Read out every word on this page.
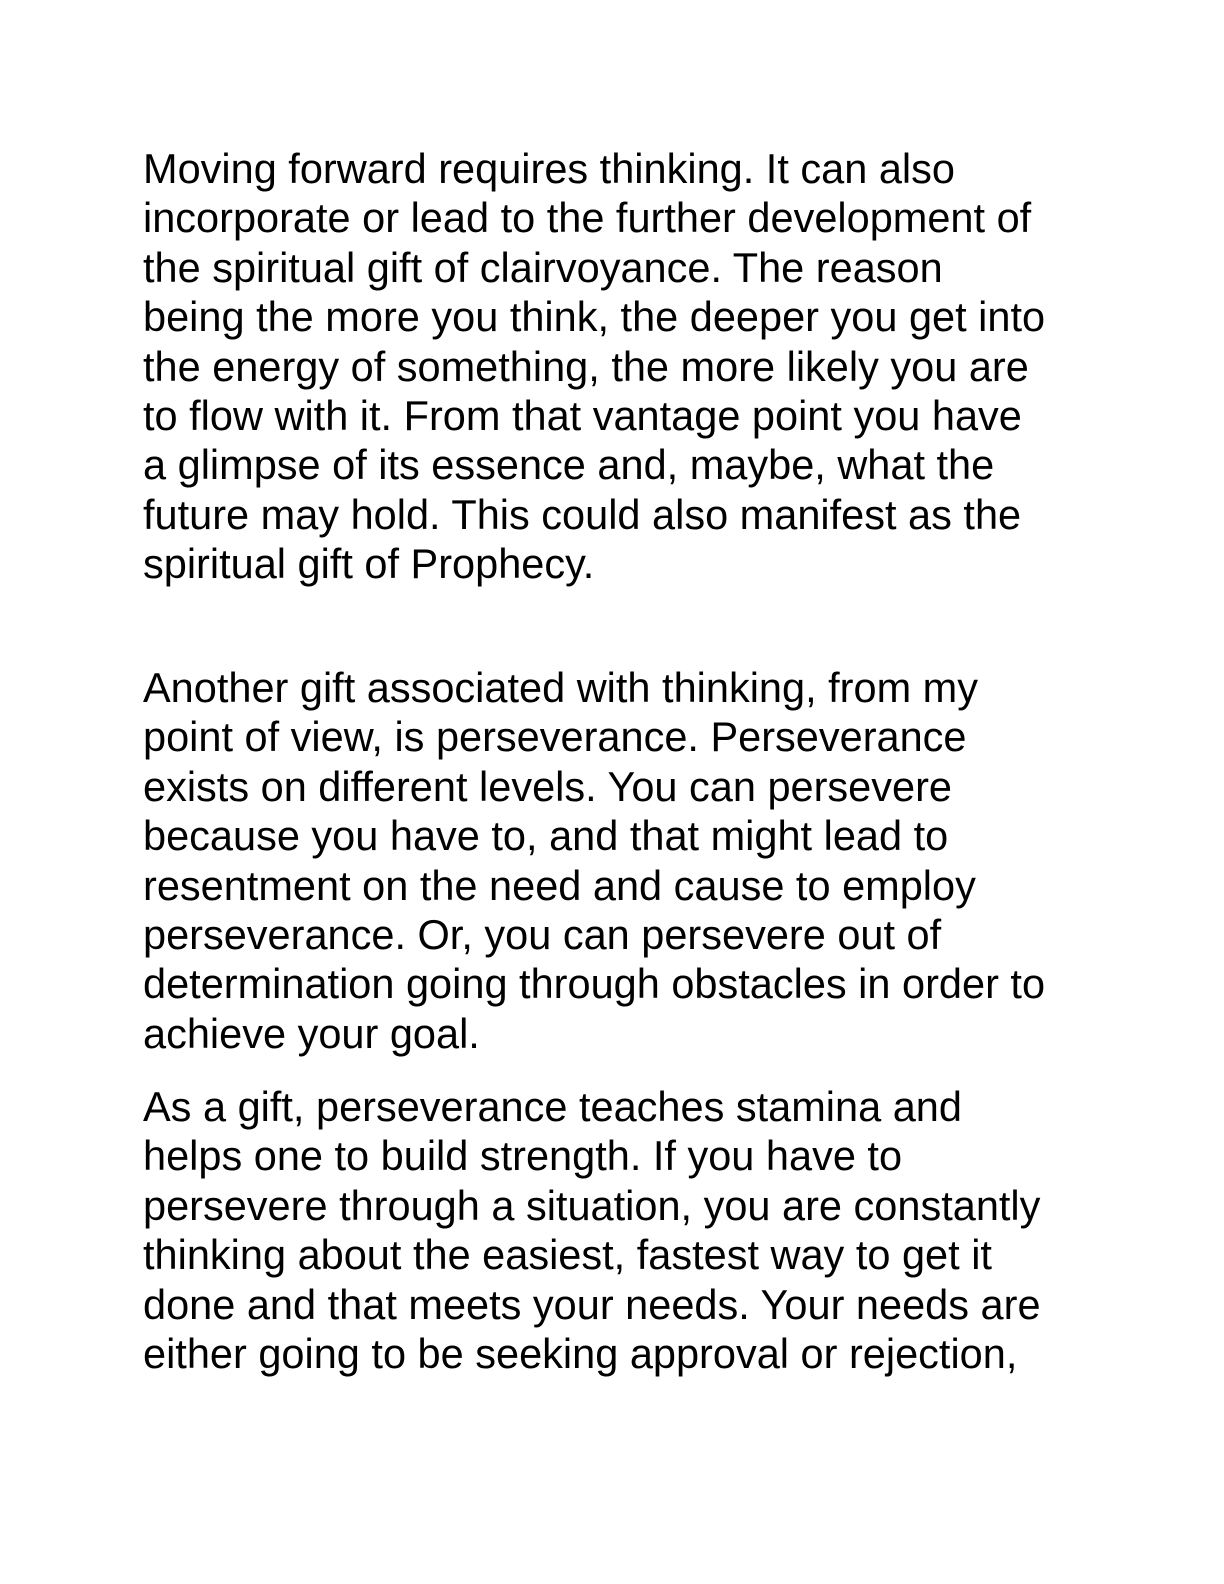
Moving forward requires thinking. It can also
incorporate or lead to the further development of
the spiritual gift of clairvoyance. The reason
being the more you think, the deeper you get into
the energy of something, the more likely you are
to flow with it. From that vantage point you have
a glimpse of its essence and, maybe, what the
future may hold. This could also manifest as the
spiritual gift of Prophecy.
Another gift associated with thinking, from my
point of view, is perseverance. Perseverance
exists on different levels. You can persevere
because you have to, and that might lead to
resentment on the need and cause to employ
perseverance. Or, you can persevere out of
determination going through obstacles in order to
achieve your goal.
As a gift, perseverance teaches stamina and
helps one to build strength. If you have to
persevere through a situation, you are constantly
thinking about the easiest, fastest way to get it
done and that meets your needs. Your needs are
either going to be seeking approval or rejection,
